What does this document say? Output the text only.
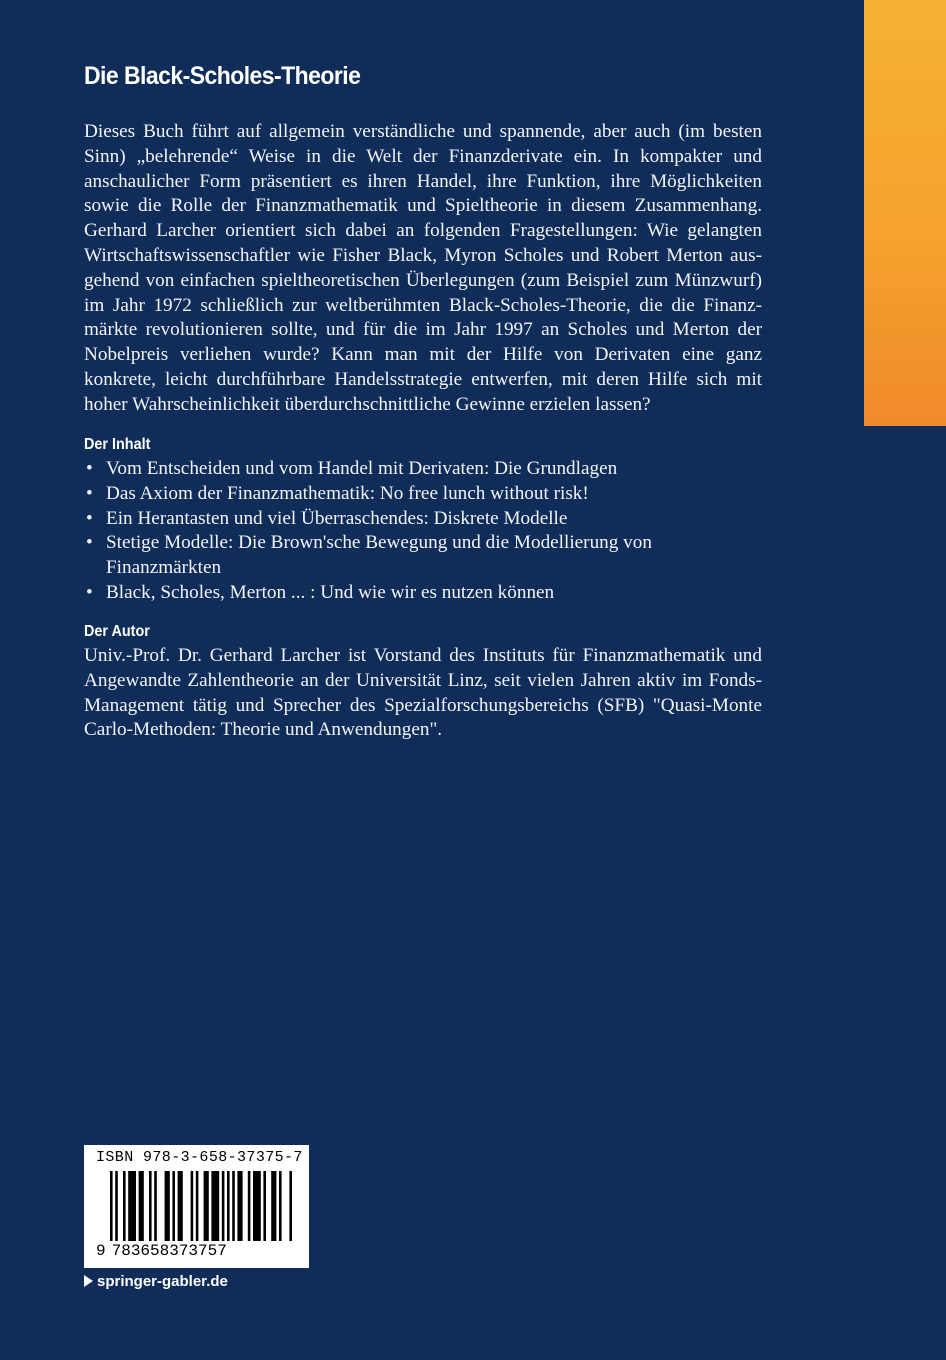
Die Black-Scholes-Theorie

Dieses Buch führt auf allgemein verständliche und spannende, aber auch (im besten Sinn) „belehrende“ Weise in die Welt der Finanzderivate ein. In kompakter und anschaulicher Form präsentiert es ihren Handel, ihre Funktion, ihre Möglichkeiten sowie die Rolle der Finanzmathematik und Spieltheorie in diesem Zusammenhang. Gerhard Larcher orientiert sich dabei an folgenden Fragestellungen: Wie gelangten Wirtschaftswissenschaftler wie Fisher Black, Myron Scholes und Robert Merton ausgehend von einfachen spieltheoretischen Überlegungen (zum Beispiel zum Münzwurf) im Jahr 1972 schließlich zur weltberühmten Black-Scholes-Theorie, die die Finanzmärkte revolutionieren sollte, und für die im Jahr 1997 an Scholes und Merton der Nobelpreis verliehen wurde? Kann man mit der Hilfe von Derivaten eine ganz konkrete, leicht durchführbare Handelsstrategie entwerfen, mit deren Hilfe sich mit hoher Wahrscheinlichkeit überdurchschnittliche Gewinne erzielen lassen?

Der Inhalt
• Vom Entscheiden und vom Handel mit Derivaten: Die Grundlagen
• Das Axiom der Finanzmathematik: No free lunch without risk!
• Ein Herantasten und viel Überraschendes: Diskrete Modelle
• Stetige Modelle: Die Brown'sche Bewegung und die Modellierung von Finanzmärkten
• Black, Scholes, Merton ... : Und wie wir es nutzen können
Der Autor

Univ.-Prof. Dr. Gerhard Larcher ist Vorstand des Instituts für Finanzmathematik und Angewandte Zahlentheorie an der Universität Linz, seit vielen Jahren aktiv im Fonds-Management tätig und Sprecher des Spezialforschungsbereichs (SFB) "Quasi-Monte Carlo-Methoden: Theorie und Anwendungen".

ISBN 978-3-658-37375-7
9 783658373757
springer-gabler.de
